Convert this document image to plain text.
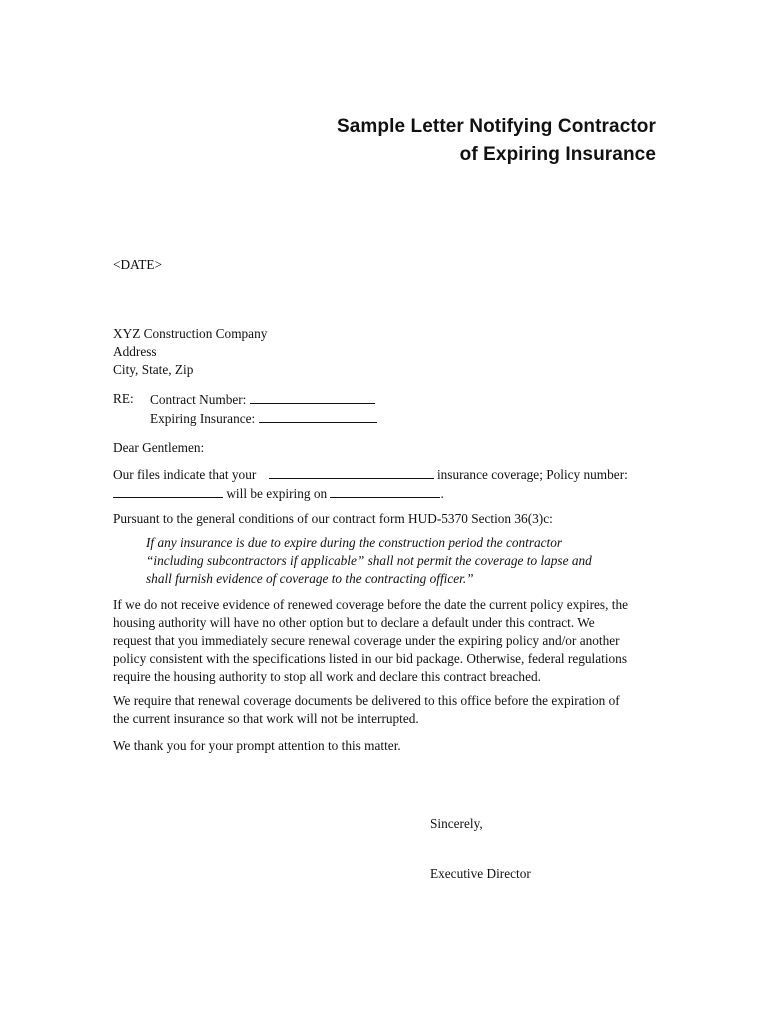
Sample Letter Notifying Contractor
of Expiring Insurance
<DATE>
XYZ Construction Company
Address
City, State, Zip
RE:	Contract Number:
Expiring Insurance:
Dear Gentlemen:
Our files indicate that your	insurance coverage; Policy number:
will be expiring on	.
Pursuant to the general conditions of our contract form HUD-5370 Section 36(3)c:
If any insurance is due to expire during the construction period the contractor
“including subcontractors if applicable” shall not permit the coverage to lapse and
shall furnish evidence of coverage to the contracting officer.”
If we do not receive evidence of renewed coverage before the date the current policy expires, the
housing authority will have no other option but to declare a default under this contract. We
request that you immediately secure renewal coverage under the expiring policy and/or another
policy consistent with the specifications listed in our bid package. Otherwise, federal regulations
require the housing authority to stop all work and declare this contract breached.
We require that renewal coverage documents be delivered to this office before the expiration of
the current insurance so that work will not be interrupted.
We thank you for your prompt attention to this matter.
Sincerely,
Executive Director
